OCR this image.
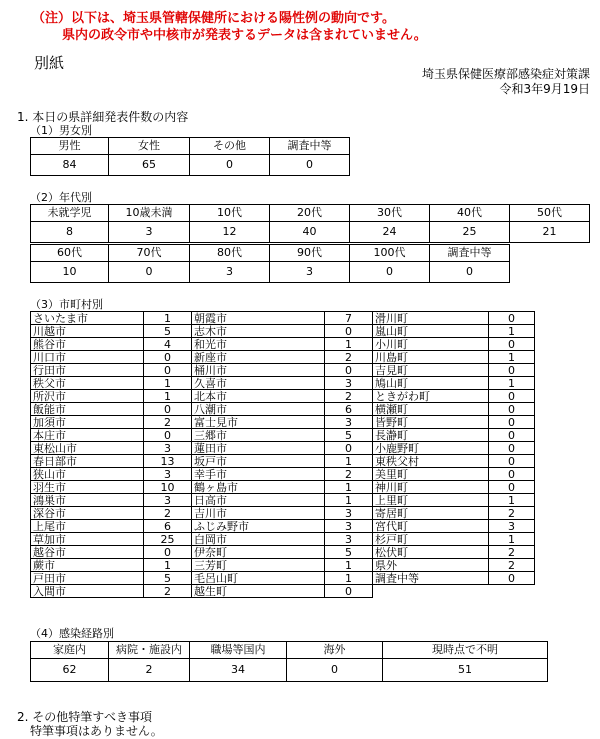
（注）以下は、埼玉県管轄保健所における陽性例の動向です。
県内の政令市や中核市が発表するデータは含まれていません。
別紙
埼玉県保健医療部感染症対策課
令和3年9月19日
1. 本日の県詳細発表件数の内容
（1）男女別
男性	女性	その他	調査中等
84	65	0	0
（2）年代別
未就学児	10歳未満	10代	20代	30代	40代	50代
8	3	12	40	24	25	21
60代	70代	80代	90代	100代	調査中等
10	0	3	3	0	0
（3）市町村別
さいたま市	1	朝霞市	7	滑川町	0
川越市	5	志木市	0	嵐山町	1
熊谷市	4	和光市	1	小川町	0
川口市	0	新座市	2	川島町	1
行田市	0	桶川市	0	吉見町	0
秩父市	1	久喜市	3	鳩山町	1
所沢市	1	北本市	2	ときがわ町	0
飯能市	0	八潮市	6	横瀬町	0
加須市	2	富士見市	3	皆野町	0
本庄市	0	三郷市	5	長瀞町	0
東松山市	3	蓮田市	0	小鹿野町	0
春日部市	13	坂戸市	1	東秩父村	0
狭山市	3	幸手市	2	美里町	0
羽生市	10	鶴ヶ島市	1	神川町	0
鴻巣市	3	日高市	1	上里町	1
深谷市	2	吉川市	3	寄居町	2
上尾市	6	ふじみ野市	3	宮代町	3
草加市	25	白岡市	3	杉戸町	1
越谷市	0	伊奈町	5	松伏町	2
蕨市	1	三芳町	1	県外	2
戸田市	5	毛呂山町	1	調査中等	0
入間市	2	越生町	0		
（4）感染経路別
家庭内	病院・施設内	職場等国内	海外	現時点で不明
62	2	34	0	51
2. その他特筆すべき事項
特筆事項はありません。
